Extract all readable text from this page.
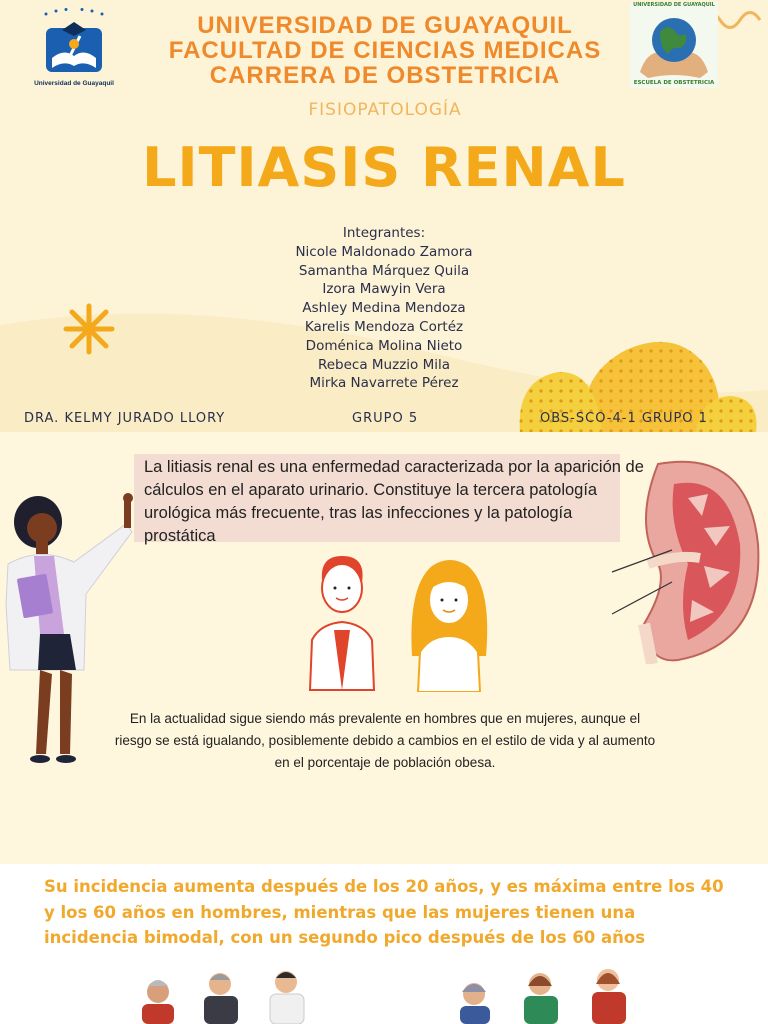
Universidad de Guayaquil
UNIVERSIDAD DE GUAYAQUIL
ESCUELA DE OBSTETRICIA
UNIVERSIDAD DE GUAYAQUIL
FACULTAD DE CIENCIAS MEDICAS
CARRERA DE OBSTETRICIA
FISIOPATOLOGÍA
LITIASIS RENAL
Integrantes:
Nicole Maldonado Zamora
Samantha Márquez Quila
Izora Mawyin Vera
Ashley Medina Mendoza
Karelis Mendoza Cortéz
Doménica Molina Nieto
Rebeca Muzzio Mila
Mirka Navarrete Pérez
DRA. KELMY JURADO LLORY	GRUPO 5	OBS-SCO-4-1 GRUPO 1
La litiasis renal es una enfermedad caracterizada por la aparición de cálculos en el aparato urinario. Constituye la tercera patología urológica más frecuente, tras las infecciones y la patología prostática
En la actualidad sigue siendo más prevalente en hombres que en mujeres, aunque el riesgo se está igualando, posiblemente debido a cambios en el estilo de vida y al aumento en el porcentaje de población obesa.
Su incidencia aumenta después de los 20 años, y es máxima entre los 40 y los 60 años en hombres, mientras que las mujeres tienen una incidencia bimodal, con un segundo pico después de los 60 años
